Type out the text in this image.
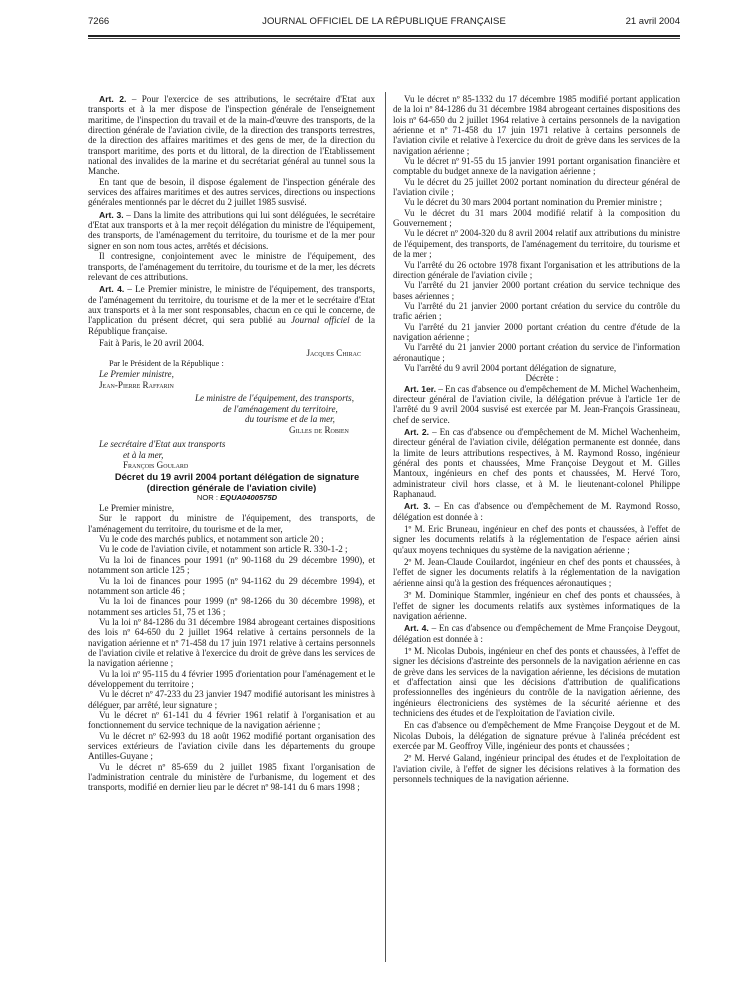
7266	JOURNAL OFFICIEL DE LA RÉPUBLIQUE FRANÇAISE	21 avril 2004

Art. 2. – Pour l'exercice de ses attributions, le secrétaire d'Etat aux transports et à la mer dispose de l'inspection générale de l'enseignement maritime, de l'inspection du travail et de la main-d'œuvre des transports, de la direction générale de l'aviation civile, de la direction des transports terrestres, de la direction des affaires maritimes et des gens de mer, de la direction du transport maritime, des ports et du littoral, de la direction de l'Etablissement national des invalides de la marine et du secrétariat général au tunnel sous la Manche.

En tant que de besoin, il dispose également de l'inspection générale des services des affaires maritimes et des autres services, directions ou inspections générales mentionnés par le décret du 2 juillet 1985 susvisé.

Art. 3. – Dans la limite des attributions qui lui sont déléguées, le secrétaire d'Etat aux transports et à la mer reçoit délégation du ministre de l'équipement, des transports, de l'aménagement du territoire, du tourisme et de la mer pour signer en son nom tous actes, arrêtés et décisions.

Il contresigne, conjointement avec le ministre de l'équipement, des transports, de l'aménagement du territoire, du tourisme et de la mer, les décrets relevant de ces attributions.

Art. 4. – Le Premier ministre, le ministre de l'équipement, des transports, de l'aménagement du territoire, du tourisme et de la mer et le secrétaire d'Etat aux transports et à la mer sont responsables, chacun en ce qui le concerne, de l'application du présent décret, qui sera publié au Journal officiel de la République française.

Fait à Paris, le 20 avril 2004.

Jacques Chirac

Par le Président de la République :

Le Premier ministre,

Jean-Pierre Raffarin

Le ministre de l'équipement, des transports,

de l'aménagement du territoire,

du tourisme et de la mer,

Gilles de Robien

Le secrétaire d'Etat aux transports

et à la mer,

François Goulard

Décret du 19 avril 2004 portant délégation de signature (direction générale de l'aviation civile)

NOR : EQUA0400575D

Le Premier ministre,

Sur le rapport du ministre de l'équipement, des transports, de l'aménagement du territoire, du tourisme et de la mer,

Vu le code des marchés publics, et notamment son article 20 ;

Vu le code de l'aviation civile, et notamment son article R. 330-1-2 ;

Vu la loi de finances pour 1991 (nº 90-1168 du 29 décembre 1990), et notamment son article 125 ;

Vu la loi de finances pour 1995 (nº 94-1162 du 29 décembre 1994), et notamment son article 46 ;

Vu la loi de finances pour 1999 (nº 98-1266 du 30 décembre 1998), et notamment ses articles 51, 75 et 136 ;

Vu la loi nº 84-1286 du 31 décembre 1984 abrogeant certaines dispositions des lois nº 64-650 du 2 juillet 1964 relative à certains personnels de la navigation aérienne et nº 71-458 du 17 juin 1971 relative à certains personnels de l'aviation civile et relative à l'exercice du droit de grève dans les services de la navigation aérienne ;

Vu la loi nº 95-115 du 4 février 1995 d'orientation pour l'aménagement et le développement du territoire ;

Vu le décret nº 47-233 du 23 janvier 1947 modifié autorisant les ministres à déléguer, par arrêté, leur signature ;

Vu le décret nº 61-141 du 4 février 1961 relatif à l'organisation et au fonctionnement du service technique de la navigation aérienne ;

Vu le décret nº 62-993 du 18 août 1962 modifié portant organisation des services extérieurs de l'aviation civile dans les départements du groupe Antilles-Guyane ;

Vu le décret nº 85-659 du 2 juillet 1985 fixant l'organisation de l'administration centrale du ministère de l'urbanisme, du logement et des transports, modifié en dernier lieu par le décret nº 98-141 du 6 mars 1998 ;

Vu le décret nº 85-1332 du 17 décembre 1985 modifié portant application de la loi nº 84-1286 du 31 décembre 1984 abrogeant certaines dispositions des lois nº 64-650 du 2 juillet 1964 relative à certains personnels de la navigation aérienne et nº 71-458 du 17 juin 1971 relative à certains personnels de l'aviation civile et relative à l'exercice du droit de grève dans les services de la navigation aérienne ;

Vu le décret nº 91-55 du 15 janvier 1991 portant organisation financière et comptable du budget annexe de la navigation aérienne ;

Vu le décret du 25 juillet 2002 portant nomination du directeur général de l'aviation civile ;

Vu le décret du 30 mars 2004 portant nomination du Premier ministre ;

Vu le décret du 31 mars 2004 modifié relatif à la composition du Gouvernement ;

Vu le décret nº 2004-320 du 8 avril 2004 relatif aux attributions du ministre de l'équipement, des transports, de l'aménagement du territoire, du tourisme et de la mer ;

Vu l'arrêté du 26 octobre 1978 fixant l'organisation et les attributions de la direction générale de l'aviation civile ;

Vu l'arrêté du 21 janvier 2000 portant création du service technique des bases aériennes ;

Vu l'arrêté du 21 janvier 2000 portant création du service du contrôle du trafic aérien ;

Vu l'arrêté du 21 janvier 2000 portant création du centre d'étude de la navigation aérienne ;

Vu l'arrêté du 21 janvier 2000 portant création du service de l'information aéronautique ;

Vu l'arrêté du 9 avril 2004 portant délégation de signature,

Décrète :

Art. 1er. – En cas d'absence ou d'empêchement de M. Michel Wachenheim, directeur général de l'aviation civile, la délégation prévue à l'article 1er de l'arrêté du 9 avril 2004 susvisé est exercée par M. Jean-François Grassineau, chef de service.

Art. 2. – En cas d'absence ou d'empêchement de M. Michel Wachenheim, directeur général de l'aviation civile, délégation permanente est donnée, dans la limite de leurs attributions respectives, à M. Raymond Rosso, ingénieur général des ponts et chaussées, Mme Françoise Deygout et M. Gilles Mantoux, ingénieurs en chef des ponts et chaussées, M. Hervé Toro, administrateur civil hors classe, et à M. le lieutenant-colonel Philippe Raphanaud.

Art. 3. – En cas d'absence ou d'empêchement de M. Raymond Rosso, délégation est donnée à :

1º M. Eric Bruneau, ingénieur en chef des ponts et chaussées, à l'effet de signer les documents relatifs à la réglementation de l'espace aérien ainsi qu'aux moyens techniques du système de la navigation aérienne ;

2º M. Jean-Claude Couilardot, ingénieur en chef des ponts et chaussées, à l'effet de signer les documents relatifs à la réglementation de la navigation aérienne ainsi qu'à la gestion des fréquences aéronautiques ;

3º M. Dominique Stammler, ingénieur en chef des ponts et chaussées, à l'effet de signer les documents relatifs aux systèmes informatiques de la navigation aérienne.

Art. 4. – En cas d'absence ou d'empêchement de Mme Françoise Deygout, délégation est donnée à :

1º M. Nicolas Dubois, ingénieur en chef des ponts et chaussées, à l'effet de signer les décisions d'astreinte des personnels de la navigation aérienne en cas de grève dans les services de la navigation aérienne, les décisions de mutation et d'affectation ainsi que les décisions d'attribution de qualifications professionnelles des ingénieurs du contrôle de la navigation aérienne, des ingénieurs électroniciens des systèmes de la sécurité aérienne et des techniciens des études et de l'exploitation de l'aviation civile.

En cas d'absence ou d'empêchement de Mme Françoise Deygout et de M. Nicolas Dubois, la délégation de signature prévue à l'alinéa précédent est exercée par M. Geoffroy Ville, ingénieur des ponts et chaussées ;

2º M. Hervé Galand, ingénieur principal des études et de l'exploitation de l'aviation civile, à l'effet de signer les décisions relatives à la formation des personnels techniques de la navigation aérienne.
